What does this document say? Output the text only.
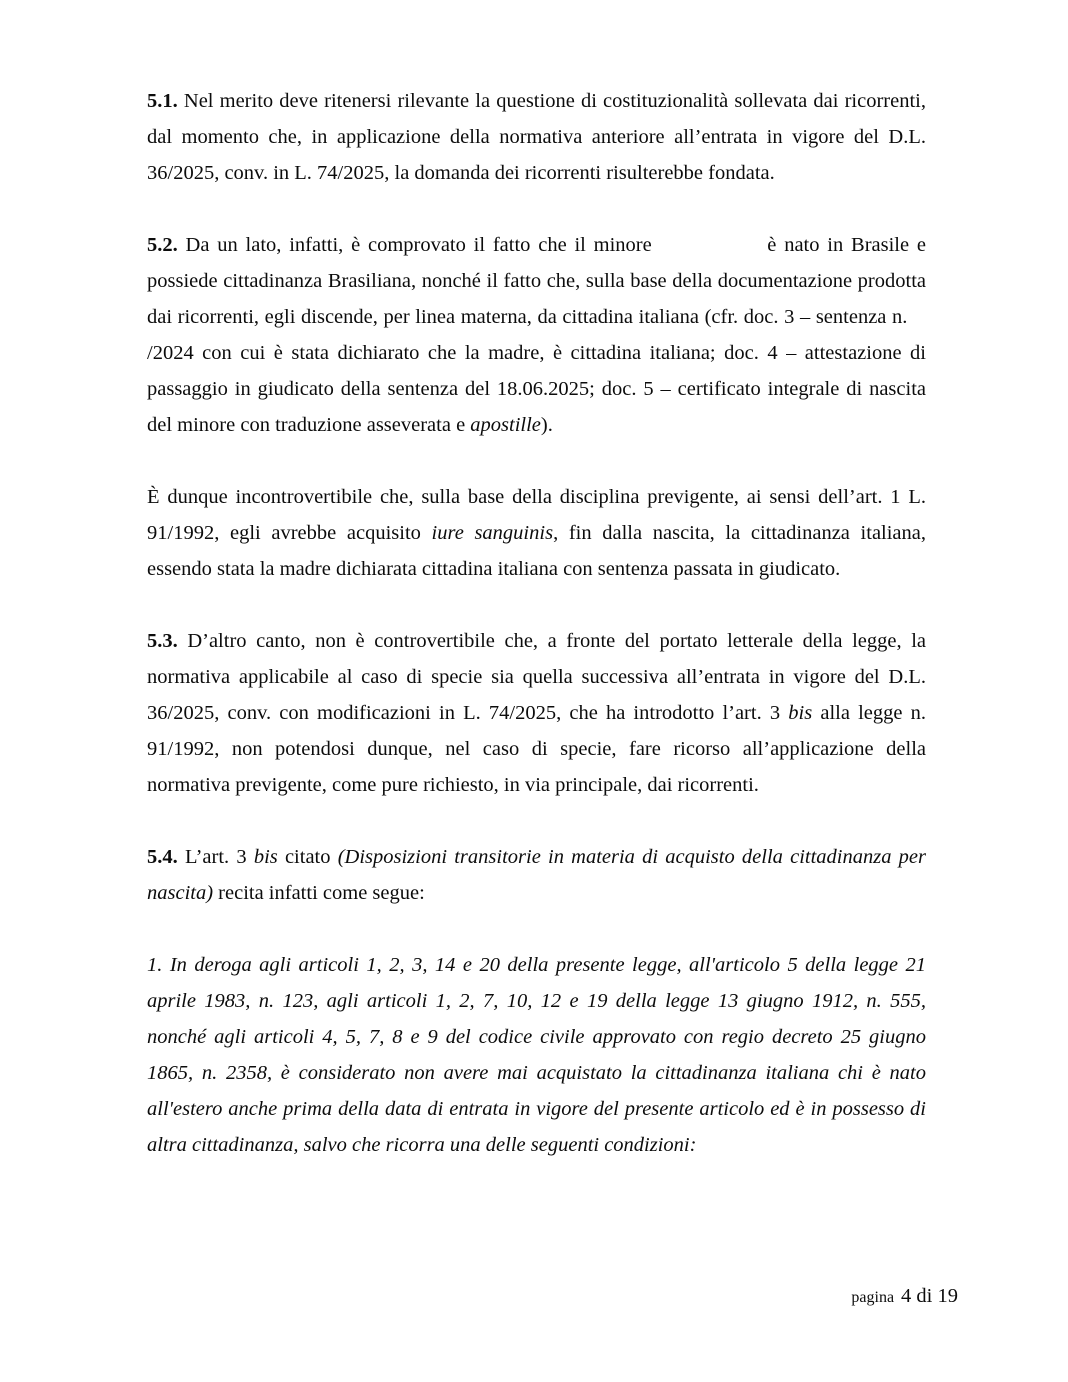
5.1. Nel merito deve ritenersi rilevante la questione di costituzionalità sollevata dai ricorrenti, dal momento che, in applicazione della normativa anteriore all’entrata in vigore del D.L. 36/2025, conv. in L. 74/2025, la domanda dei ricorrenti risulterebbe fondata.

5.2. Da un lato, infatti, è comprovato il fatto che il minore	è nato in Brasile e possiede cittadinanza Brasiliana, nonché il fatto che, sulla base della documentazione prodotta dai ricorrenti, egli discende, per linea materna, da cittadina italiana (cfr. doc. 3 – sentenza n.  /2024 con cui è stata dichiarato che la madre, è cittadina italiana; doc. 4 – attestazione di passaggio in giudicato della sentenza del 18.06.2025; doc. 5 – certificato integrale di nascita del minore con traduzione asseverata e apostille).

È dunque incontrovertibile che, sulla base della disciplina previgente, ai sensi dell’art. 1 L. 91/1992, egli avrebbe acquisito iure sanguinis, fin dalla nascita, la cittadinanza italiana, essendo stata la madre dichiarata cittadina italiana con sentenza passata in giudicato.

5.3. D’altro canto, non è controvertibile che, a fronte del portato letterale della legge, la normativa applicabile al caso di specie sia quella successiva all’entrata in vigore del D.L. 36/2025, conv. con modificazioni in L. 74/2025, che ha introdotto l’art. 3 bis alla legge n. 91/1992, non potendosi dunque, nel caso di specie, fare ricorso all’applicazione della normativa previgente, come pure richiesto, in via principale, dai ricorrenti.

5.4. L’art. 3 bis citato (Disposizioni transitorie in materia di acquisto della cittadinanza per nascita) recita infatti come segue:

1. In deroga agli articoli 1, 2, 3, 14 e 20 della presente legge, all'articolo 5 della legge 21 aprile 1983, n. 123, agli articoli 1, 2, 7, 10, 12 e 19 della legge 13 giugno 1912, n. 555, nonché agli articoli 4, 5, 7, 8 e 9 del codice civile approvato con regio decreto 25 giugno 1865, n. 2358, è considerato non avere mai acquistato la cittadinanza italiana chi è nato all'estero anche prima della data di entrata in vigore del presente articolo ed è in possesso di altra cittadinanza, salvo che ricorra una delle seguenti condizioni:

pagina 4 di 19
